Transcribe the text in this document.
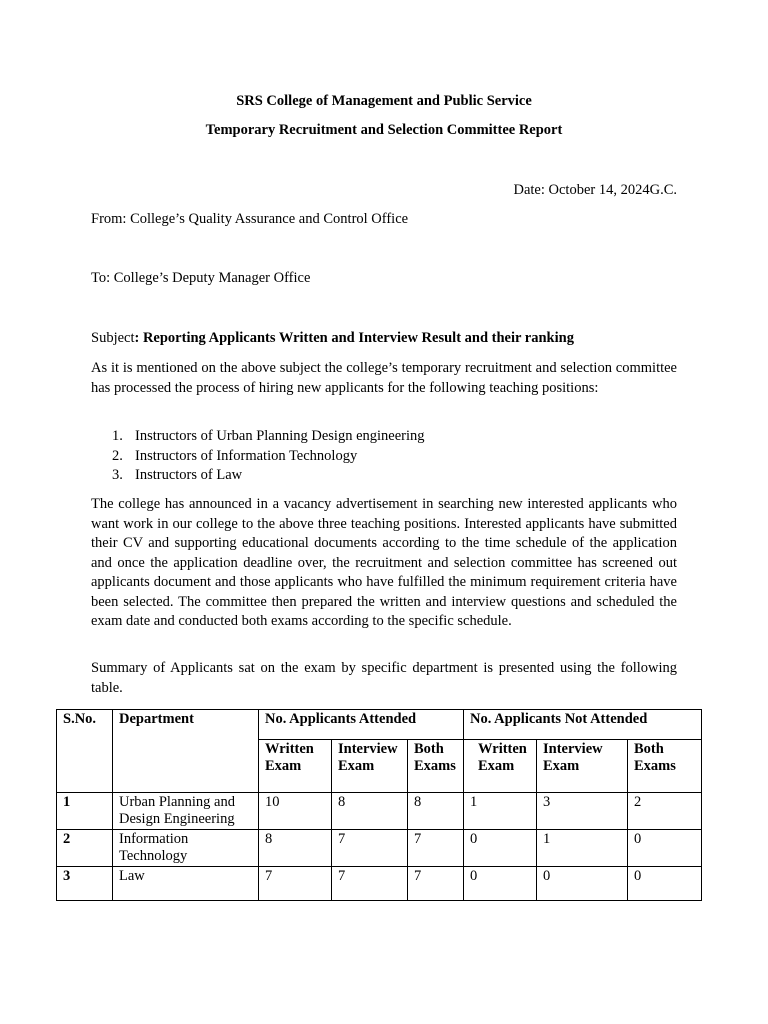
SRS College of Management and Public Service
Temporary Recruitment and Selection Committee Report
Date: October 14, 2024G.C.
From: College’s Quality Assurance and Control Office
To: College’s Deputy Manager Office
Subject: Reporting Applicants Written and Interview Result and their ranking
As it is mentioned on the above subject the college’s temporary recruitment and selection committee has processed the process of hiring new applicants for the following teaching positions:
1. Instructors of Urban Planning Design engineering
2. Instructors of Information Technology
3. Instructors of Law
The college has announced in a vacancy advertisement in searching new interested applicants who want work in our college to the above three teaching positions. Interested applicants have submitted their CV and supporting educational documents according to the time schedule of the application and once the application deadline over, the recruitment and selection committee has screened out applicants document and those applicants who have fulfilled the minimum requirement criteria have been selected. The committee then prepared the written and interview questions and scheduled the exam date and conducted both exams according to the specific schedule.
Summary of Applicants sat on the exam by specific department is presented using the following table.
S.No.	Department	No. Applicants Attended			No. Applicants Not Attended		
		Written Exam	Interview Exam	Both Exams	Written Exam	Interview Exam	Both Exams
1	Urban Planning and Design Engineering	10	8	8	1	3	2
2	Information Technology	8	7	7	0	1	0
3	Law	7	7	7	0	0	0
